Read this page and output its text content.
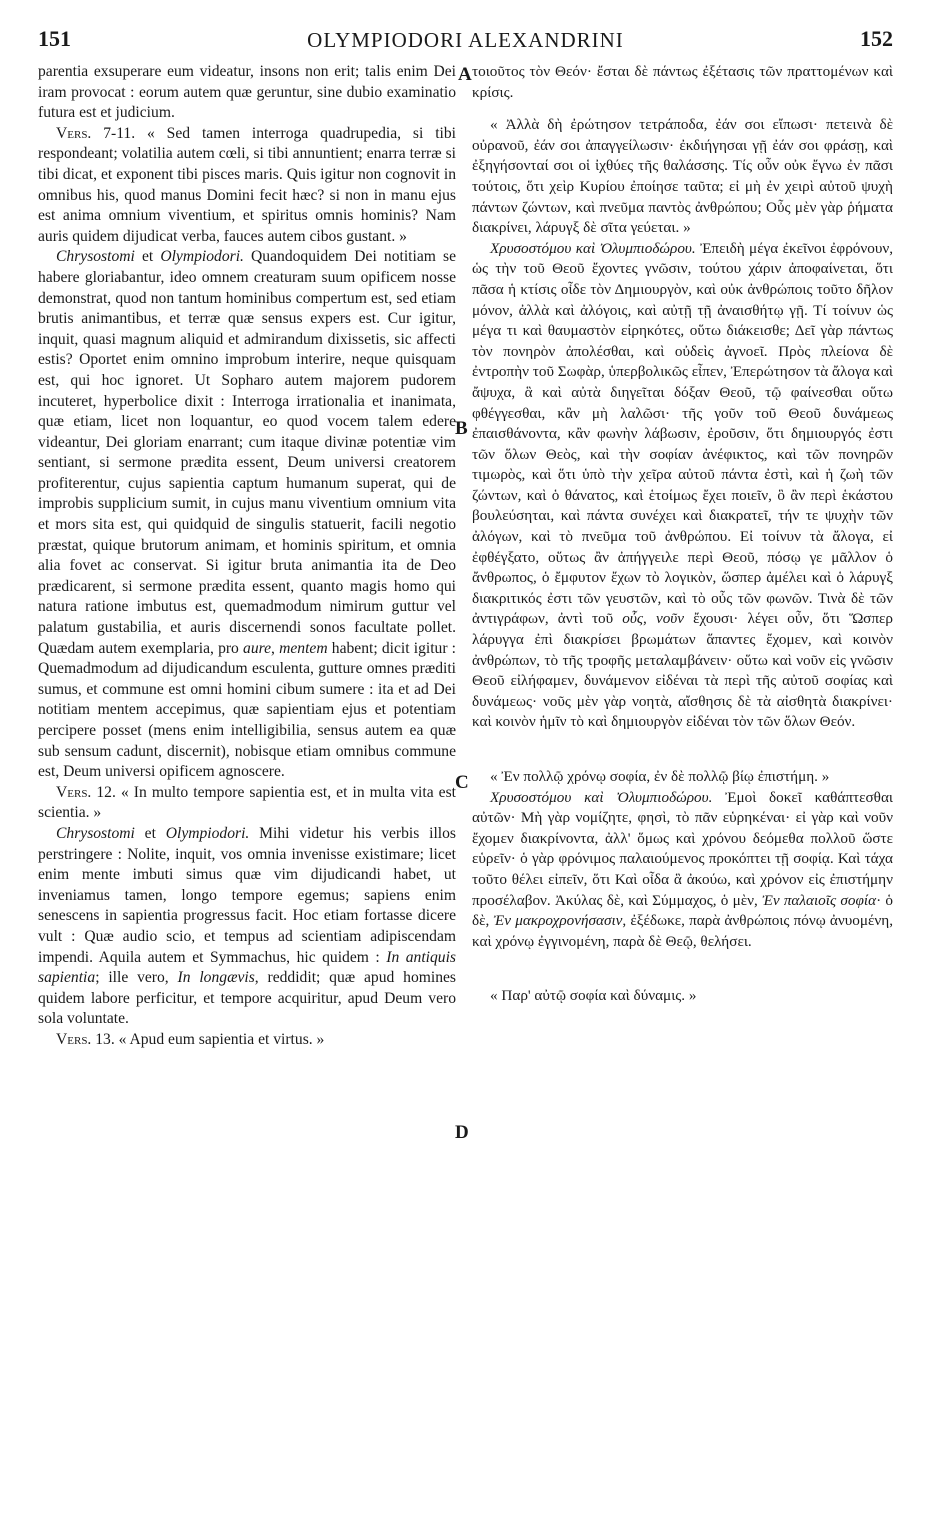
151	OLYMPIODORI ALEXANDRINI	152
A
B
C
D

parentia exsuperare eum videatur, insons non erit; talis enim Dei iram provocat : eorum autem quæ geruntur, sine dubio examinatio futura est et judicium.

Vers. 7-11. « Sed tamen interroga quadrupedia, si tibi respondeant; volatilia autem cœli, si tibi annuntient; enarra terræ si tibi dicat, et exponent tibi pisces maris. Quis igitur non cognovit in omnibus his, quod manus Domini fecit hæc? si non in manu ejus est anima omnium viventium, et spiritus omnis hominis? Nam auris quidem dijudicat verba, fauces autem cibos gustant. »

Chrysostomi et Olympiodori. Quandoquidem Dei notitiam se habere gloriabantur, ideo omnem creaturam suum opificem nosse demonstrat, quod non tantum hominibus compertum est, sed etiam brutis animantibus, et terræ quæ sensus expers est. Cur igitur, inquit, quasi magnum aliquid et admirandum dixissetis, sic affecti estis? Oportet enim omnino improbum interire, neque quisquam est, qui hoc ignoret. Ut Sopharo autem majorem pudorem incuteret, hyperbolice dixit : Interroga irrationalia et inanimata, quæ etiam, licet non loquantur, eo quod vocem talem edere videantur, Dei gloriam enarrant; cum itaque divinæ potentiæ vim sentiant, si sermone prædita essent, Deum universi creatorem profiterentur, cujus sapientia captum humanum superat, qui de improbis supplicium sumit, in cujus manu viventium omnium vita et mors sita est, qui quidquid de singulis statuerit, facili negotio præstat, quique brutorum animam, et hominis spiritum, et omnia alia fovet ac conservat. Si igitur bruta animantia ita de Deo prædicarent, si sermone prædita essent, quanto magis homo qui natura ratione imbutus est, quemadmodum nimirum guttur vel palatum gustabilia, et auris discernendi sonos facultate pollet. Quædam autem exemplaria, pro aure, mentem habent; dicit igitur : Quemadmodum ad dijudicandum esculenta, gutture omnes præditi sumus, et commune est omni homini cibum sumere : ita et ad Dei notitiam mentem accepimus, quæ sapientiam ejus et potentiam percipere posset (mens enim intelligibilia, sensus autem ea quæ sub sensum cadunt, discernit), nobisque etiam omnibus commune est, Deum universi opificem agnoscere.

Vers. 12. « In multo tempore sapientia est, et in multa vita est scientia. »

Chrysostomi et Olympiodori. Mihi videtur his verbis illos perstringere : Nolite, inquit, vos omnia invenisse existimare; licet enim mente imbuti simus quæ vim dijudicandi habet, ut inveniamus tamen, longo tempore egemus; sapiens enim senescens in sapientia progressus facit. Hoc etiam fortasse dicere vult : Quæ audio scio, et tempus ad scientiam adipiscendam impendi. Aquila autem et Symmachus, hic quidem : In antiquis sapientia; ille vero, In longævis, reddidit; quæ apud homines quidem labore perficitur, et tempore acquiritur, apud Deum vero sola voluntate.

Vers. 13. « Apud eum sapientia et virtus. »

τοιοῦτος τὸν Θεόν· ἔσται δὲ πάντως ἐξέτασις τῶν πραττομένων καὶ κρίσις.

« Ἀλλὰ δὴ ἐρώτησον τετράποδα, ἐάν σοι εἴπωσι· πετεινὰ δὲ οὐρανοῦ, ἐάν σοι ἀπαγγείλωσιν· ἐκδιήγησαι γῇ ἐάν σοι φράσῃ, καὶ ἐξηγήσονταί σοι οἱ ἰχθύες τῆς θαλάσσης. Τίς οὖν οὐκ ἔγνω ἐν πᾶσι τούτοις, ὅτι χεὶρ Κυρίου ἐποίησε ταῦτα; εἰ μὴ ἐν χειρὶ αὐτοῦ ψυχὴ πάντων ζώντων, καὶ πνεῦμα παντὸς ἀνθρώπου; Οὖς μὲν γὰρ ῥήματα διακρίνει, λάρυγξ δὲ σῖτα γεύεται. »

Χρυσοστόμου καὶ Ὀλυμπιοδώρου. Ἐπειδὴ μέγα ἐκεῖνοι ἐφρόνουν, ὡς τὴν τοῦ Θεοῦ ἔχοντες γνῶσιν, τούτου χάριν ἀποφαίνεται, ὅτι πᾶσα ἡ κτίσις οἶδε τὸν Δημιουργὸν, καὶ οὐκ ἀνθρώποις τοῦτο δῆλον μόνον, ἀλλὰ καὶ ἀλόγοις, καὶ αὐτῇ τῇ ἀναισθήτῳ γῇ. Τί τοίνυν ὡς μέγα τι καὶ θαυμαστὸν εἰρηκότες, οὕτω διάκεισθε; Δεῖ γὰρ πάντως τὸν πονηρὸν ἀπολέσθαι, καὶ οὐδεὶς ἀγνοεῖ. Πρὸς πλείονα δὲ ἐντροπὴν τοῦ Σωφὰρ, ὑπερβολικῶς εἶπεν, Ἐπερώτησον τὰ ἄλογα καὶ ἄψυχα, ἃ καὶ αὐτὰ διηγεῖται δόξαν Θεοῦ, τῷ φαίνεσθαι οὕτω φθέγγεσθαι, κἂν μὴ λαλῶσι· τῆς γοῦν τοῦ Θεοῦ δυνάμεως ἐπαισθάνοντα, κἂν φωνὴν λάβωσιν, ἐροῦσιν, ὅτι δημιουργός ἐστι τῶν ὅλων Θεὸς, καὶ τὴν σοφίαν ἀνέφικτος, καὶ τῶν πονηρῶν τιμωρὸς, καὶ ὅτι ὑπὸ τὴν χεῖρα αὐτοῦ πάντα ἐστὶ, καὶ ἡ ζωὴ τῶν ζώντων, καὶ ὁ θάνατος, καὶ ἑτοίμως ἔχει ποιεῖν, ὃ ἂν περὶ ἑκάστου βουλεύσηται, καὶ πάντα συνέχει καὶ διακρατεῖ, τήν τε ψυχὴν τῶν ἀλόγων, καὶ τὸ πνεῦμα τοῦ ἀνθρώπου. Εἰ τοίνυν τὰ ἄλογα, εἰ ἐφθέγξατο, οὕτως ἂν ἀπήγγειλε περὶ Θεοῦ, πόσῳ γε μᾶλλον ὁ ἄνθρωπος, ὁ ἔμφυτον ἔχων τὸ λογικὸν, ὥσπερ ἀμέλει καὶ ὁ λάρυγξ διακριτικός ἐστι τῶν γευστῶν, καὶ τὸ οὖς τῶν φωνῶν. Τινὰ δὲ τῶν ἀντιγράφων, ἀντὶ τοῦ οὖς, νοῦν ἔχουσι· λέγει οὖν, ὅτι Ὥσπερ λάρυγγα ἐπὶ διακρίσει βρωμάτων ἅπαντες ἔχομεν, καὶ κοινὸν ἀνθρώπων, τὸ τῆς τροφῆς μεταλαμβάνειν· οὕτω καὶ νοῦν εἰς γνῶσιν Θεοῦ εἰλήφαμεν, δυνάμενον εἰδέναι τὰ περὶ τῆς αὐτοῦ σοφίας καὶ δυνάμεως· νοῦς μὲν γὰρ νοητὰ, αἴσθησις δὲ τὰ αἰσθητὰ διακρίνει· καὶ κοινὸν ἡμῖν τὸ καὶ δημιουργὸν εἰδέναι τὸν τῶν ὅλων Θεόν.

« Ἐν πολλῷ χρόνῳ σοφία, ἐν δὲ πολλῷ βίῳ ἐπιστήμη. »

Χρυσοστόμου καὶ Ὀλυμπιοδώρου. Ἐμοὶ δοκεῖ καθάπτεσθαι αὐτῶν· Μὴ γὰρ νομίζητε, φησὶ, τὸ πᾶν εὑρηκέναι· εἰ γὰρ καὶ νοῦν ἔχομεν διακρίνοντα, ἀλλ' ὅμως καὶ χρόνου δεόμεθα πολλοῦ ὥστε εὑρεῖν· ὁ γὰρ φρόνιμος παλαιούμενος προκόπτει τῇ σοφίᾳ. Καὶ τάχα τοῦτο θέλει εἰπεῖν, ὅτι Καὶ οἶδα ἃ ἀκούω, καὶ χρόνον εἰς ἐπιστήμην προσέλαβον. Ἀκύλας δὲ, καὶ Σύμμαχος, ὁ μὲν, Ἐν παλαιοῖς σοφία· ὁ δὲ, Ἐν μακροχρονήσασιν, ἐξέδωκε, παρὰ ἀνθρώποις πόνῳ ἀνυομένη, καὶ χρόνῳ ἐγγινομένη, παρὰ δὲ Θεῷ, θελήσει.

« Παρ' αὐτῷ σοφία καὶ δύναμις. »
